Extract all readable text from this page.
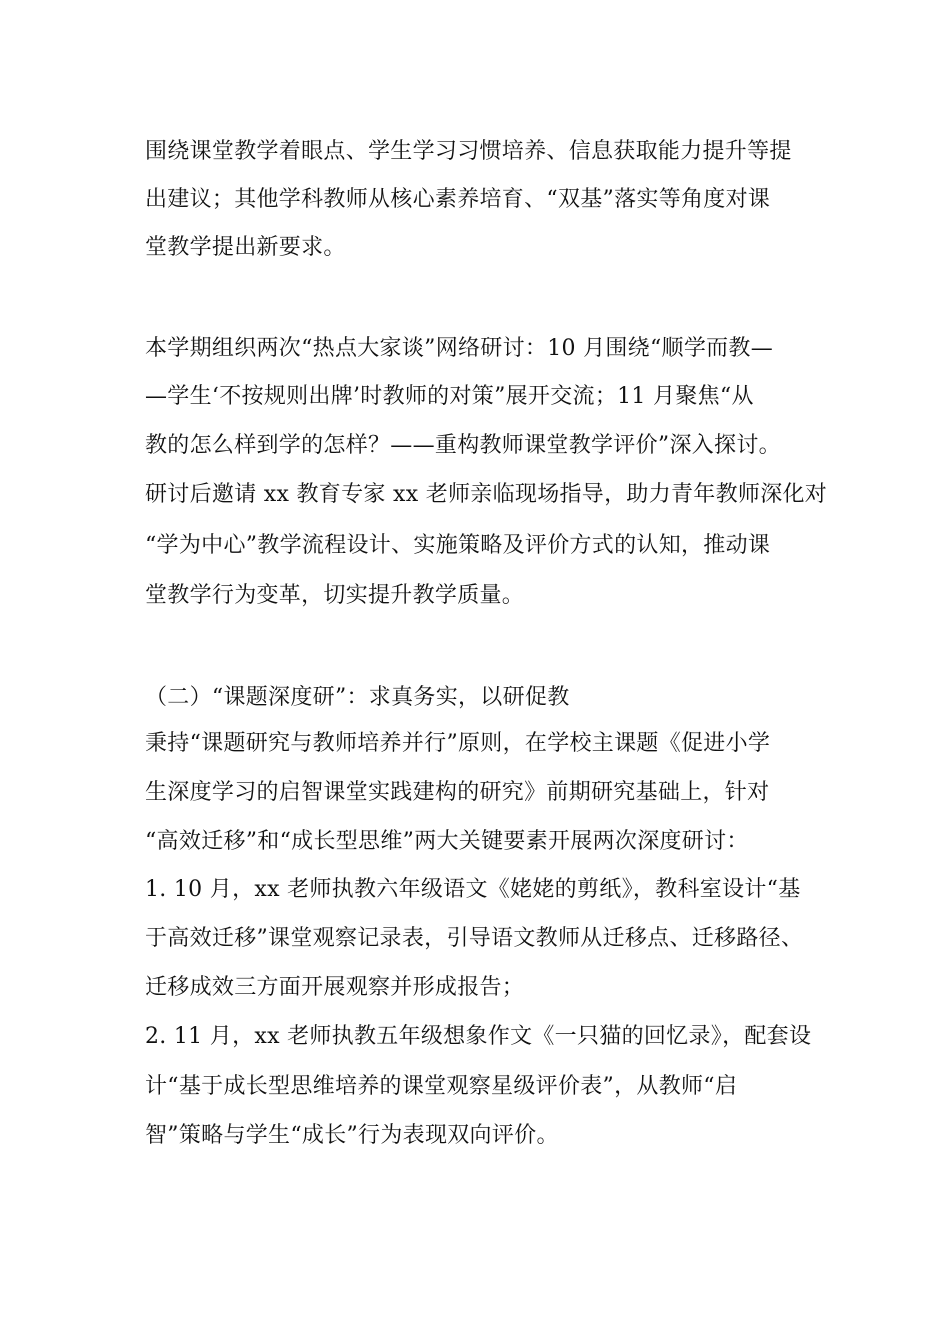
围绕课堂教学着眼点、学生学习习惯培养、信息获取能力提升等提
出建议；其他学科教师从核心素养培育、“双基”落实等角度对课
堂教学提出新要求。
本学期组织两次“热点大家谈”网络研讨：10 月围绕“顺学而教—
—学生‘不按规则出牌’时教师的对策”展开交流；11 月聚焦“从
教的怎么样到学的怎样？——重构教师课堂教学评价”深入探讨。
研讨后邀请 xx 教育专家 xx 老师亲临现场指导，助力青年教师深化对
“学为中心”教学流程设计、实施策略及评价方式的认知，推动课
堂教学行为变革，切实提升教学质量。
（二）“课题深度研”：求真务实，以研促教
秉持“课题研究与教师培养并行”原则，在学校主课题《促进小学
生深度学习的启智课堂实践建构的研究》前期研究基础上，针对
“高效迁移”和“成长型思维”两大关键要素开展两次深度研讨：
1. 10 月，xx 老师执教六年级语文《姥姥的剪纸》，教科室设计“基
于高效迁移”课堂观察记录表，引导语文教师从迁移点、迁移路径、
迁移成效三方面开展观察并形成报告；
2. 11 月，xx 老师执教五年级想象作文《一只猫的回忆录》，配套设
计“基于成长型思维培养的课堂观察星级评价表”，从教师“启
智”策略与学生“成长”行为表现双向评价。
